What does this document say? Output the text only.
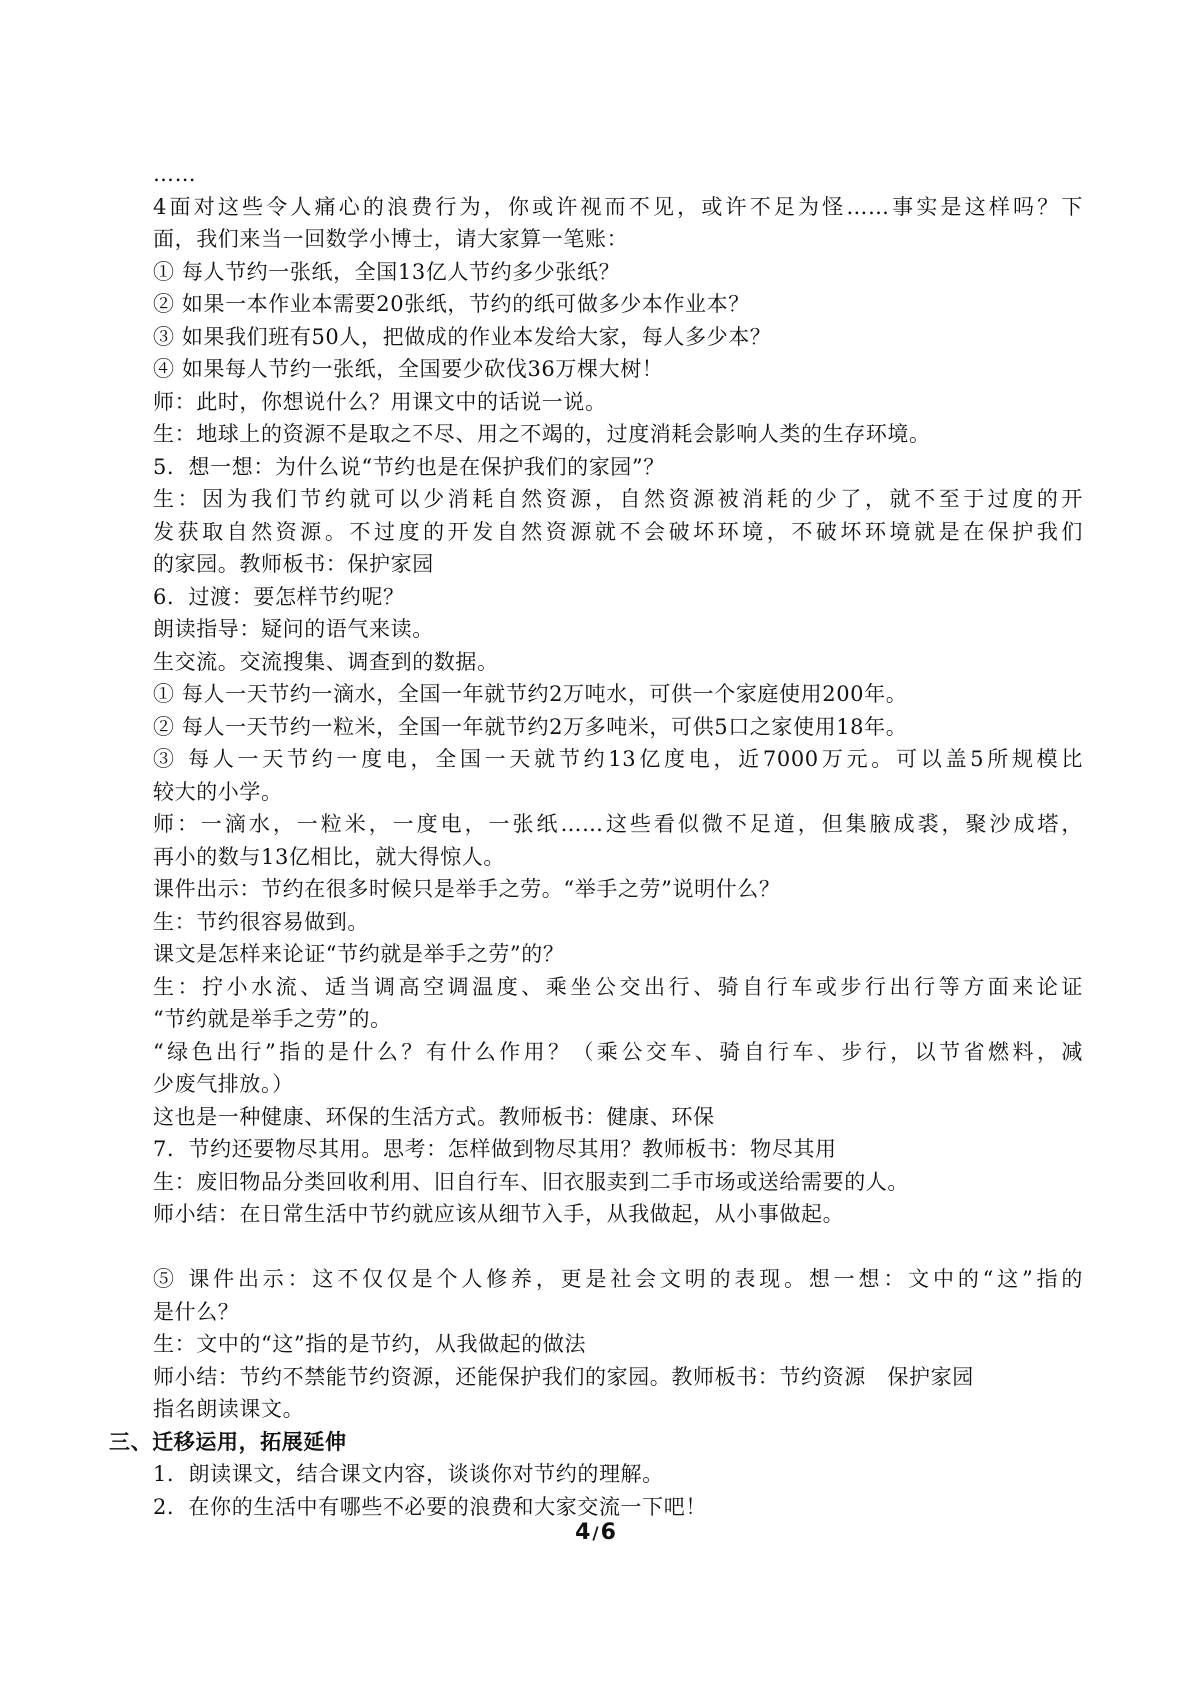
……
4面对这些令人痛心的浪费行为，你或许视而不见，或许不足为怪……事实是这样吗？下
面，我们来当一回数学小博士，请大家算一笔账：
① 每人节约一张纸，全国13亿人节约多少张纸？
② 如果一本作业本需要20张纸，节约的纸可做多少本作业本？
③ 如果我们班有50人，把做成的作业本发给大家，每人多少本？
④ 如果每人节约一张纸，全国要少砍伐36万棵大树！
师：此时，你想说什么？用课文中的话说一说。
生：地球上的资源不是取之不尽、用之不竭的，过度消耗会影响人类的生存环境。
5．想一想：为什么说“节约也是在保护我们的家园”？
生：因为我们节约就可以少消耗自然资源，自然资源被消耗的少了，就不至于过度的开
发获取自然资源。不过度的开发自然资源就不会破坏环境，不破坏环境就是在保护我们
的家园。教师板书：保护家园
6．过渡：要怎样节约呢？
朗读指导：疑问的语气来读。
生交流。交流搜集、调查到的数据。
① 每人一天节约一滴水，全国一年就节约2万吨水，可供一个家庭使用200年。
② 每人一天节约一粒米，全国一年就节约2万多吨米，可供5口之家使用18年。
③ 每人一天节约一度电，全国一天就节约13亿度电，近7000万元。可以盖5所规模比
较大的小学。
师：一滴水，一粒米，一度电，一张纸……这些看似微不足道，但集腋成裘，聚沙成塔，
再小的数与13亿相比，就大得惊人。
课件出示：节约在很多时候只是举手之劳。“举手之劳”说明什么？
生：节约很容易做到。
课文是怎样来论证“节约就是举手之劳”的？
生：拧小水流、适当调高空调温度、乘坐公交出行、骑自行车或步行出行等方面来论证
“节约就是举手之劳”的。
“绿色出行”指的是什么？有什么作用？（乘公交车、骑自行车、步行，以节省燃料，减
少废气排放。）
这也是一种健康、环保的生活方式。教师板书：健康、环保
7．节约还要物尽其用。思考：怎样做到物尽其用？教师板书：物尽其用
生：废旧物品分类回收利用、旧自行车、旧衣服卖到二手市场或送给需要的人。
师小结：在日常生活中节约就应该从细节入手，从我做起，从小事做起。
⑤ 课件出示：这不仅仅是个人修养，更是社会文明的表现。想一想：文中的“这”指的
是什么？
生：文中的“这”指的是节约，从我做起的做法
师小结：节约不禁能节约资源，还能保护我们的家园。教师板书：节约资源　保护家园
指名朗读课文。
三、迁移运用，拓展延伸
1．朗读课文，结合课文内容，谈谈你对节约的理解。
2．在你的生活中有哪些不必要的浪费和大家交流一下吧！
4 /6
